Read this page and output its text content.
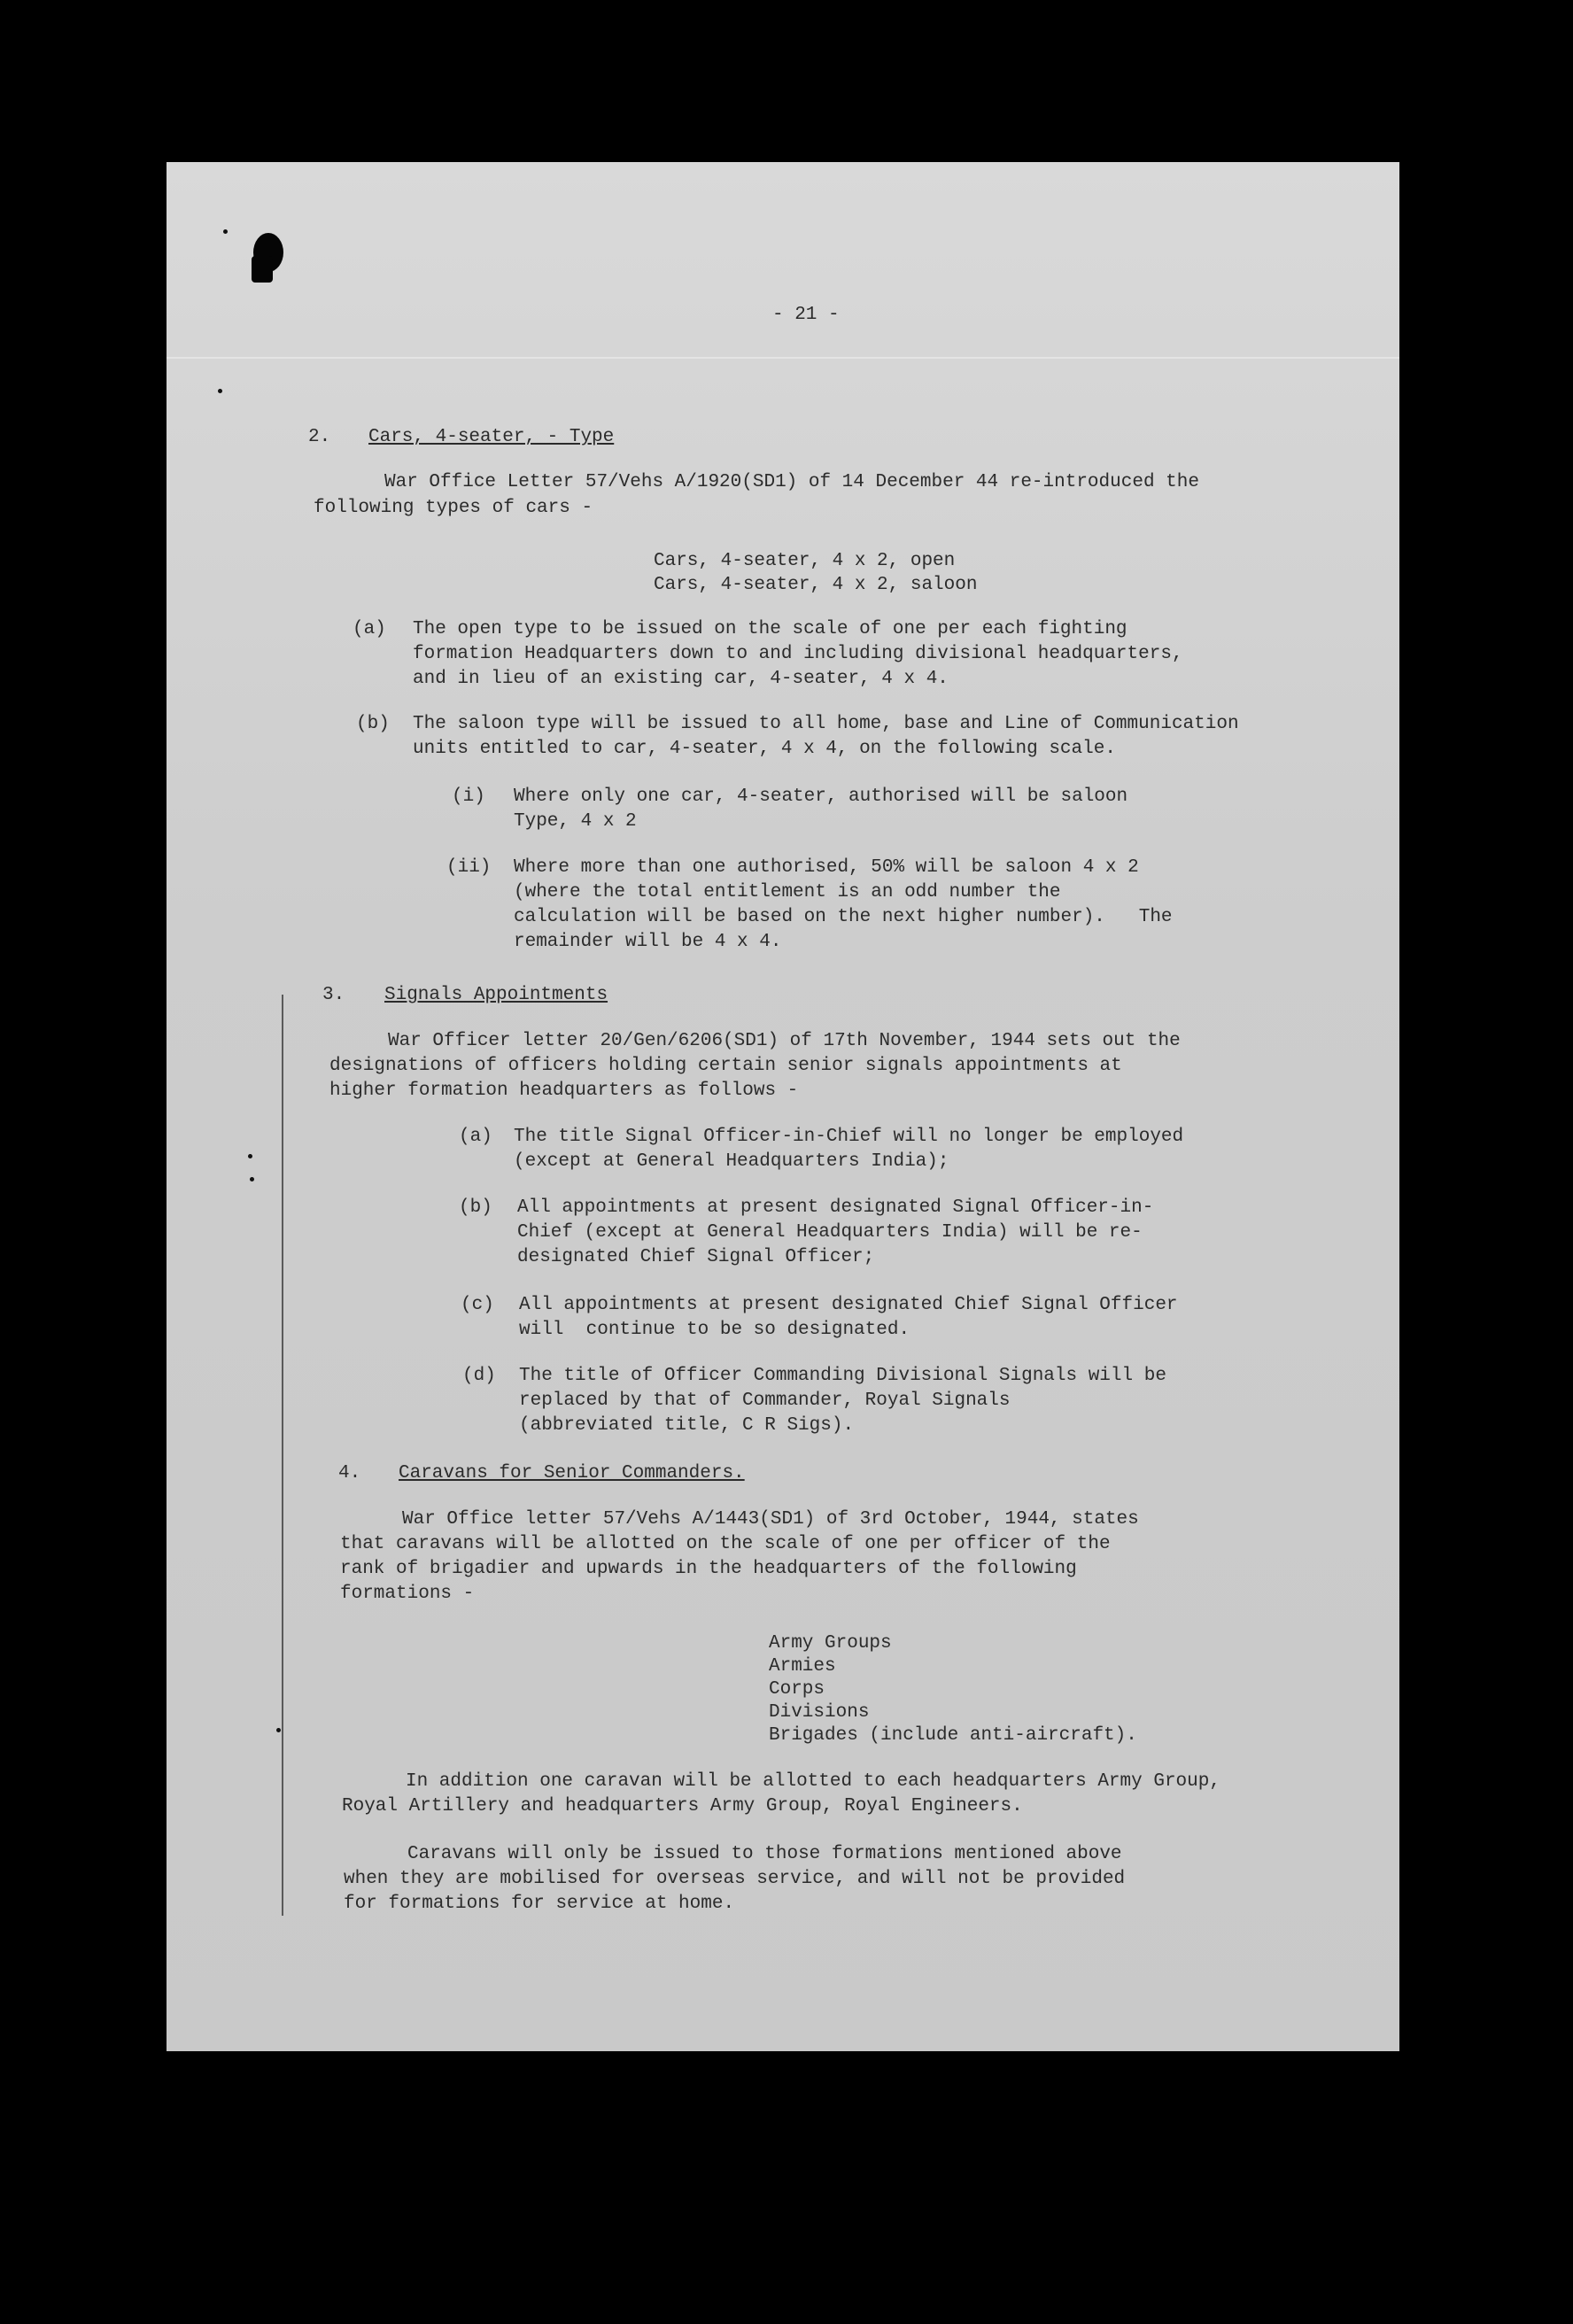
- 21 -

2. Cars, 4-seater, - Type

War Office Letter 57/Vehs A/1920(SD1) of 14 December 44 re-introduced the

following types of cars -

Cars, 4-seater, 4 x 2, open

Cars, 4-seater, 4 x 2, saloon

(a) The open type to be issued on the scale of one per each fighting

formation Headquarters down to and including divisional headquarters,

and in lieu of an existing car, 4-seater, 4 x 4.

(b) The saloon type will be issued to all home, base and Line of Communication

units entitled to car, 4-seater, 4 x 4, on the following scale.

(i) Where only one car, 4-seater, authorised will be saloon

Type, 4 x 2

(ii) Where more than one authorised, 50% will be saloon 4 x 2

(where the total entitlement is an odd number the

calculation will be based on the next higher number).   The

remainder will be 4 x 4.

3. Signals Appointments

War Officer letter 20/Gen/6206(SD1) of 17th November, 1944 sets out the

designations of officers holding certain senior signals appointments at

higher formation headquarters as follows -

(a) The title Signal Officer-in-Chief will no longer be employed

(except at General Headquarters India);

(b) All appointments at present designated Signal Officer-in-

Chief (except at General Headquarters India) will be re-

designated Chief Signal Officer;

(c) All appointments at present designated Chief Signal Officer

will  continue to be so designated.

(d) The title of Officer Commanding Divisional Signals will be

replaced by that of Commander, Royal Signals

(abbreviated title, C R Sigs).

4. Caravans for Senior Commanders.

War Office letter 57/Vehs A/1443(SD1) of 3rd October, 1944, states

that caravans will be allotted on the scale of one per officer of the

rank of brigadier and upwards in the headquarters of the following

formations -

Army Groups

Armies

Corps

Divisions

Brigades (include anti-aircraft).

In addition one caravan will be allotted to each headquarters Army Group,

Royal Artillery and headquarters Army Group, Royal Engineers.

Caravans will only be issued to those formations mentioned above

when they are mobilised for overseas service, and will not be provided

for formations for service at home.
